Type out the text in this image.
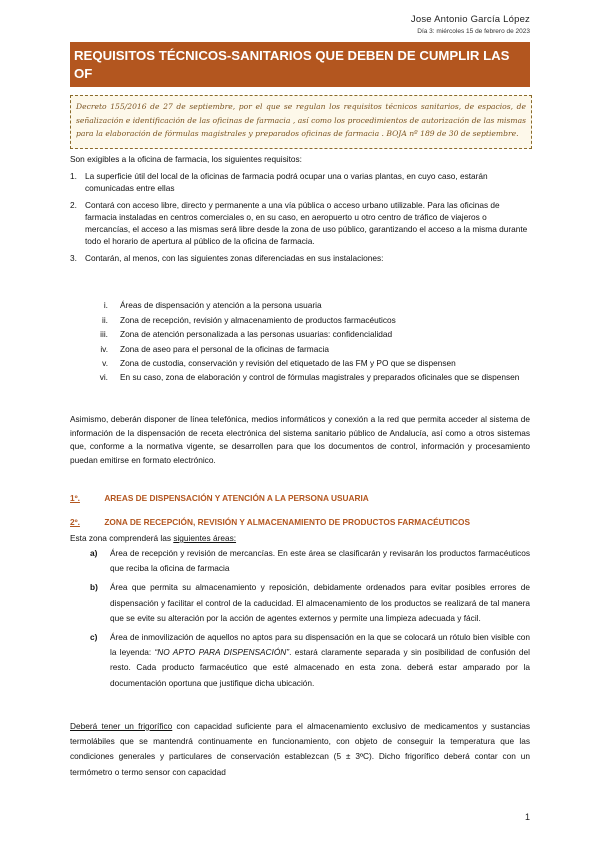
Jose Antonio García López
Día 3: miércoles 15 de febrero de 2023
REQUISITOS TÉCNICOS-SANITARIOS QUE DEBEN DE CUMPLIR LAS OF
Decreto 155/2016 de 27 de septiembre, por el que se regulan los requisitos técnicos sanitarios, de espacios, de señalización e identificación de las oficinas de farmacia , así como los procedimientos de autorización de las mismas para la elaboración de fórmulas magistrales y preparados oficinas de farmacia . BOJA nº 189 de 30 de septiembre.
Son exigibles a la oficina de farmacia, los siguientes requisitos:
1. La superficie útil del local de la oficinas de farmacia podrá ocupar una o varias plantas, en cuyo caso, estarán comunicadas entre ellas
2. Contará con acceso libre, directo y permanente a una vía pública o acceso urbano utilizable. Para las oficinas de farmacia instaladas en centros comerciales o, en su caso, en aeropuerto u otro centro de tráfico de viajeros o mercancías, el acceso a las mismas será libre desde la zona de uso público, garantizando el acceso a la misma durante todo el horario de apertura al público de la oficina de farmacia.
3. Contarán, al menos, con las siguientes zonas diferenciadas en sus instalaciones:
i. Áreas de dispensación y atención a la persona usuaria
ii. Zona de recepción, revisión y almacenamiento de productos farmacéuticos
iii. Zona de atención personalizada a las personas usuarias: confidencialidad
iv. Zona de aseo para el personal de la oficinas de farmacia
v. Zona de custodia, conservación y revisión del etiquetado de las FM y PO que se dispensen
vi. En su caso, zona de elaboración y control de fórmulas magistrales y preparados oficinales que se dispensen
Asimismo, deberán disponer de línea telefónica, medios informáticos y conexión a la red que permita acceder al sistema de información de la dispensación de receta electrónica del sistema sanitario público de Andalucía, así como a otros sistemas que, conforme a la normativa vigente, se desarrollen para que los documentos de control, información y procesamiento puedan emitirse en formato electrónico.
1º.	AREAS DE DISPENSACIÓN Y ATENCIÓN A LA PERSONA USUARIA
2º.	ZONA DE RECEPCIÓN, REVISIÓN Y ALMACENAMIENTO DE PRODUCTOS FARMACÉUTICOS
Esta zona comprenderá las siguientes áreas:
a) Área de recepción y revisión de mercancías. En este área se clasificarán y revisarán los productos farmacéuticos que reciba la oficina de farmacia
b) Área que permita su almacenamiento y reposición, debidamente ordenados para evitar posibles errores de dispensación y facilitar el control de la caducidad. El almacenamiento de los productos se realizará de tal manera que se evite su alteración por la acción de agentes externos y permite una limpieza adecuada y fácil.
c) Área de inmovilización de aquellos no aptos para su dispensación en la que se colocará un rótulo bien visible con la leyenda: “NO APTO PARA DISPENSACIÓN”. estará claramente separada y sin posibilidad de confusión del resto. Cada producto farmacéutico que esté almacenado en esta zona. deberá estar amparado por la documentación oportuna que justifique dicha ubicación.
Deberá tener un frigorífico con capacidad suficiente para el almacenamiento exclusivo de medicamentos y sustancias termolábiles que se mantendrá continuamente en funcionamiento, con objeto de conseguir la temperatura que las condiciones generales y particulares de conservación establezcan (5 ± 3ºC). Dicho frigorífico deberá contar con un termómetro o termo sensor con capacidad
1
